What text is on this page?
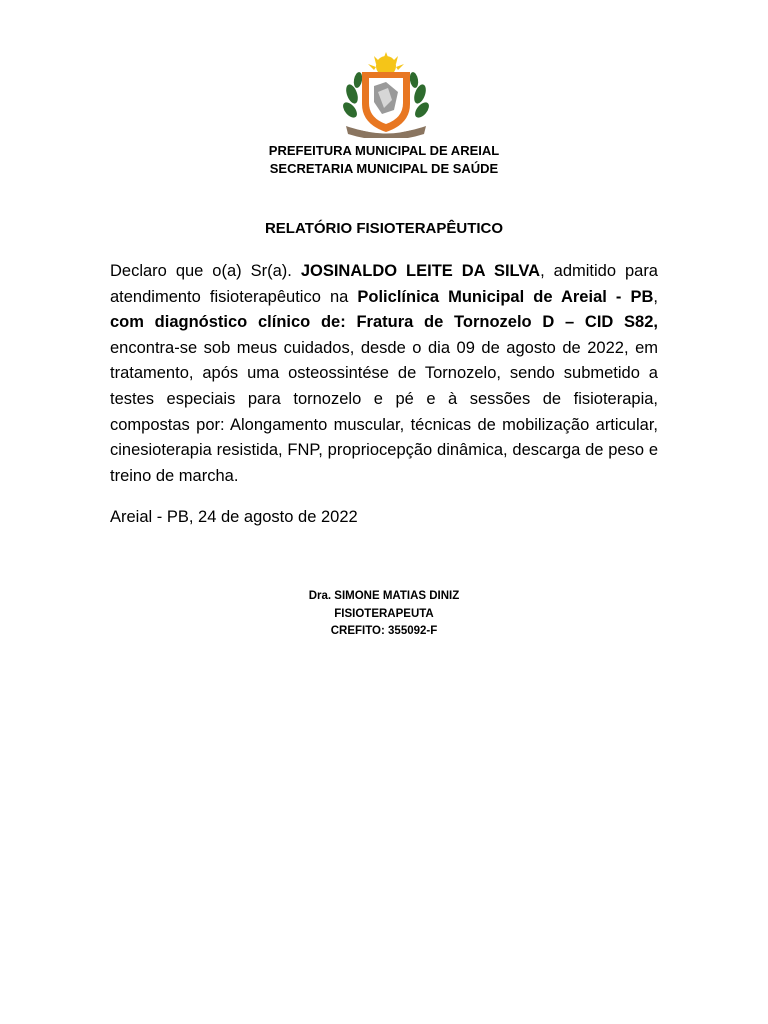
PREFEITURA MUNICIPAL DE AREIAL
SECRETARIA MUNICIPAL DE SAÚDE
RELATÓRIO FISIOTERAPÊUTICO

Declaro que o(a) Sr(a). JOSINALDO LEITE DA SILVA, admitido para atendimento fisioterapêutico na Policlínica Municipal de Areial - PB, com diagnóstico clínico de: Fratura de Tornozelo D – CID S82, encontra-se sob meus cuidados, desde o dia 09 de agosto de 2022, em tratamento, após uma osteossintése de Tornozelo, sendo submetido a testes especiais para tornozelo e pé e à sessões de fisioterapia, compostas por: Alongamento muscular, técnicas de mobilização articular, cinesioterapia resistida, FNP, propriocepção dinâmica, descarga de peso e treino de marcha.

Areial - PB, 24 de agosto de 2022
Dra. SIMONE MATIAS DINIZ
FISIOTERAPEUTA
CREFITO: 355092-F
